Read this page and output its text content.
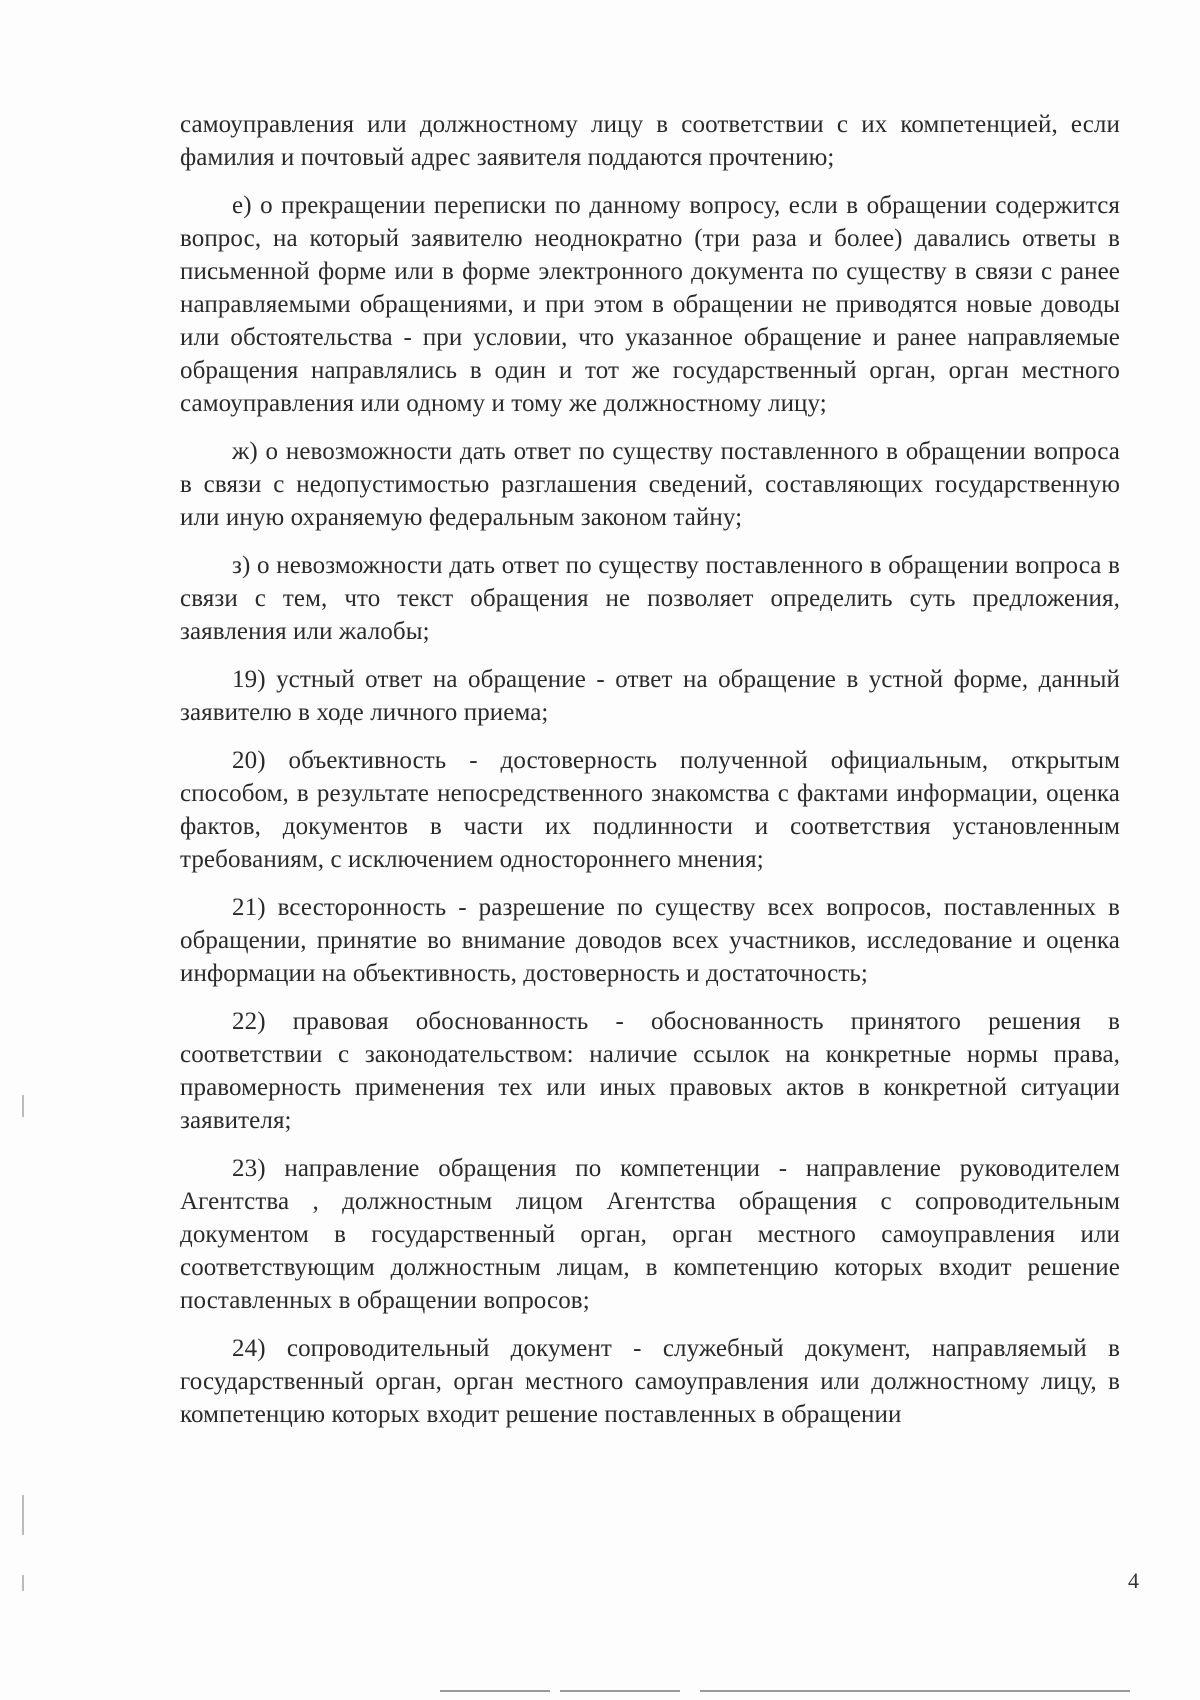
самоуправления или должностному лицу в соответствии с их компетенцией, если фамилия и почтовый адрес заявителя поддаются прочтению;

е) о прекращении переписки по данному вопросу, если в обращении содержится вопрос, на который заявителю неоднократно (три раза и более) давались ответы в письменной форме или в форме электронного документа по существу в связи с ранее направляемыми обращениями, и при этом в обращении не приводятся новые доводы или обстоятельства - при условии, что указанное обращение и ранее направляемые обращения направлялись в один и тот же государственный орган, орган местного самоуправления или одному и тому же должностному лицу;

ж) о невозможности дать ответ по существу поставленного в обращении вопроса в связи с недопустимостью разглашения сведений, составляющих государственную или иную охраняемую федеральным законом тайну;

з) о невозможности дать ответ по существу поставленного в обращении вопроса в связи с тем, что текст обращения не позволяет определить суть предложения, заявления или жалобы;

19) устный ответ на обращение - ответ на обращение в устной форме, данный заявителю в ходе личного приема;

20) объективность - достоверность полученной официальным, открытым способом, в результате непосредственного знакомства с фактами информации, оценка фактов, документов в части их подлинности и соответствия установленным требованиям, с исключением одностороннего мнения;

21) всесторонность - разрешение по существу всех вопросов, поставленных в обращении, принятие во внимание доводов всех участников, исследование и оценка информации на объективность, достоверность и достаточность;

22) правовая обоснованность - обоснованность принятого решения в соответствии с законодательством: наличие ссылок на конкретные нормы права, правомерность применения тех или иных правовых актов в конкретной ситуации заявителя;

23) направление обращения по компетенции - направление руководителем Агентства , должностным лицом Агентства обращения с сопроводительным документом в государственный орган, орган местного самоуправления или соответствующим должностным лицам, в компетенцию которых входит решение поставленных в обращении вопросов;

24) сопроводительный документ - служебный документ, направляемый в государственный орган, орган местного самоуправления или должностному лицу, в компетенцию которых входит решение поставленных в обращении

4
